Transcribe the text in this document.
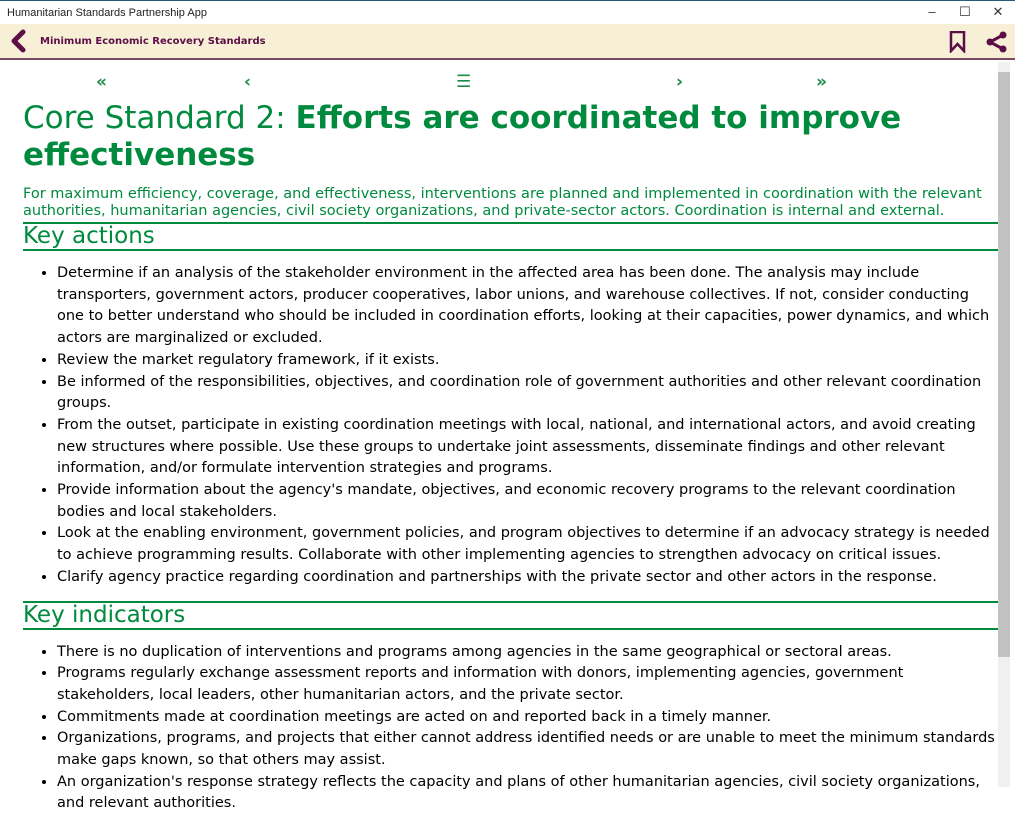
Humanitarian Standards Partnership App	–	☐	✕
Minimum Economic Recovery Standards
«	‹	☰	›	»
Core Standard 2: Efforts are coordinated to improve effectiveness

For maximum efficiency, coverage, and effectiveness, interventions are planned and implemented in coordination with the relevant authorities, humanitarian agencies, civil society organizations, and private-sector actors. Coordination is internal and external.

Key actions
• Determine if an analysis of the stakeholder environment in the affected area has been done. The analysis may include transporters, government actors, producer cooperatives, labor unions, and warehouse collectives. If not, consider conducting one to better understand who should be included in coordination efforts, looking at their capacities, power dynamics, and which actors are marginalized or excluded.
• Review the market regulatory framework, if it exists.
• Be informed of the responsibilities, objectives, and coordination role of government authorities and other relevant coordination groups.
• From the outset, participate in existing coordination meetings with local, national, and international actors, and avoid creating new structures where possible. Use these groups to undertake joint assessments, disseminate findings and other relevant information, and/or formulate intervention strategies and programs.
• Provide information about the agency's mandate, objectives, and economic recovery programs to the relevant coordination bodies and local stakeholders.
• Look at the enabling environment, government policies, and program objectives to determine if an advocacy strategy is needed to achieve programming results. Collaborate with other implementing agencies to strengthen advocacy on critical issues.
• Clarify agency practice regarding coordination and partnerships with the private sector and other actors in the response.
Key indicators
• There is no duplication of interventions and programs among agencies in the same geographical or sectoral areas.
• Programs regularly exchange assessment reports and information with donors, implementing agencies, government stakeholders, local leaders, other humanitarian actors, and the private sector.
• Commitments made at coordination meetings are acted on and reported back in a timely manner.
• Organizations, programs, and projects that either cannot address identified needs or are unable to meet the minimum standards make gaps known, so that others may assist.
• An organization's response strategy reflects the capacity and plans of other humanitarian agencies, civil society organizations, and relevant authorities.
